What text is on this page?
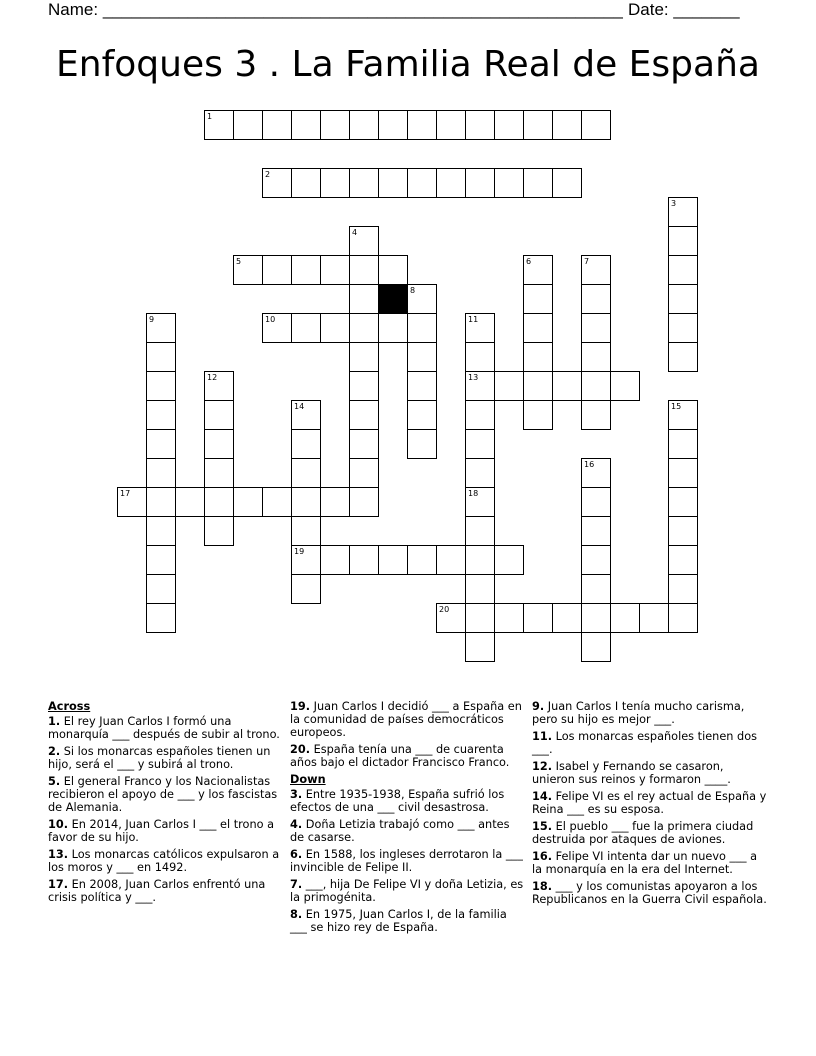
Name: _______________________________________________________ Date: _______
Enfoques 3 . La Familia Real de España
1
2
5
10
13
17
19
20
3
4
6	7
8
9	11
12
14	15
16
18
Across
1. El rey Juan Carlos I formó una monarquía ___ después de subir al trono.
2. Si los monarcas españoles tienen un hijo, será el ___ y subirá al trono.
5. El general Franco y los Nacionalistas recibieron el apoyo de ___ y los fascistas de Alemania.
10. En 2014, Juan Carlos I ___ el trono a favor de su hijo.
13. Los monarcas católicos expulsaron a los moros y ___ en 1492.
17. En 2008, Juan Carlos enfrentó una crisis política y ___.
19. Juan Carlos I decidió ___ a España en la comunidad de países democráticos europeos.
20. España tenía una ___ de cuarenta años bajo el dictador Francisco Franco.
Down
3. Entre 1935-1938, España sufrió los efectos de una ___ civil desastrosa.
4. Doña Letizia trabajó como ___ antes de casarse.
6. En 1588, los ingleses derrotaron la ___ invincible de Felipe II.
7. ___, hija De Felipe VI y doña Letizia, es la primogénita.
8. En 1975, Juan Carlos I, de la familia ___ se hizo rey de España.
9. Juan Carlos I tenía mucho carisma, pero su hijo es mejor ___.
11. Los monarcas españoles tienen dos ___.
12. Isabel y Fernando se casaron, unieron sus reinos y formaron ____.
14. Felipe VI es el rey actual de España y Reina ___ es su esposa.
15. El pueblo ___ fue la primera ciudad destruida por ataques de aviones.
16. Felipe VI intenta dar un nuevo ___ a la monarquía en la era del Internet.
18. ___ y los comunistas apoyaron a los Republicanos en la Guerra Civil española.
